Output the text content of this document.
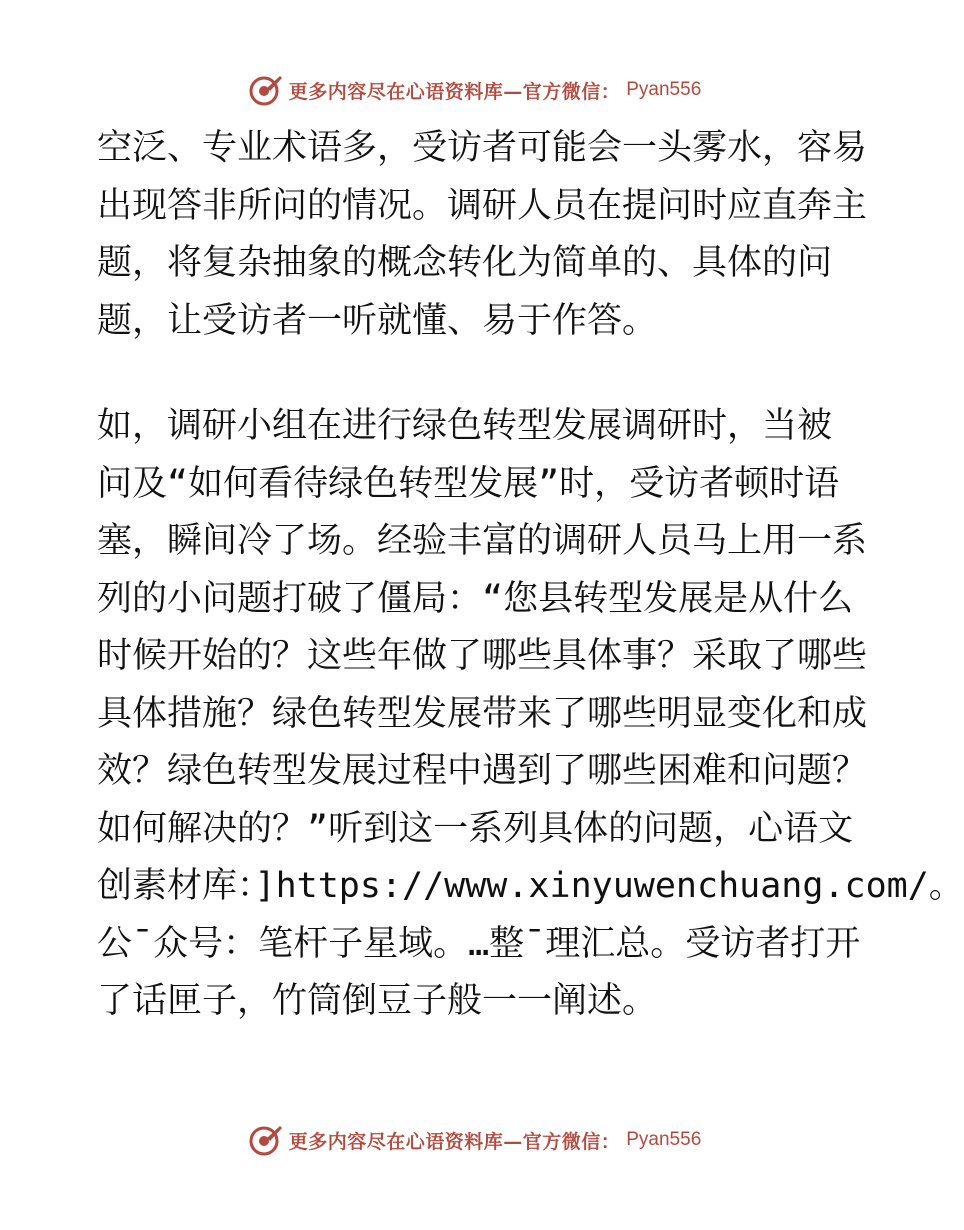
更多内容尽在心语资料库—官方微信： Pyan556
空泛、专业术语多，受访者可能会一头雾水，容易
出现答非所问的情况。调研人员在提问时应直奔主
题，将复杂抽象的概念转化为简单的、具体的问
题，让受访者一听就懂、易于作答。
如，调研小组在进行绿色转型发展调研时，当被
问及“如何看待绿色转型发展”时，受访者顿时语
塞，瞬间冷了场。经验丰富的调研人员马上用一系
列的小问题打破了僵局：“您县转型发展是从什么
时候开始的？这些年做了哪些具体事？采取了哪些
具体措施？绿色转型发展带来了哪些明显变化和成
效？绿色转型发展过程中遇到了哪些困难和问题？
如何解决的？”听到这一系列具体的问题，心语文
创素材库：]https://www.xinyuwenchuang.com/。
公¯众号：笔杆子星域。…整¯理汇总。受访者打开
了话匣子，竹筒倒豆子般一一阐述。
更多内容尽在心语资料库—官方微信： Pyan556
